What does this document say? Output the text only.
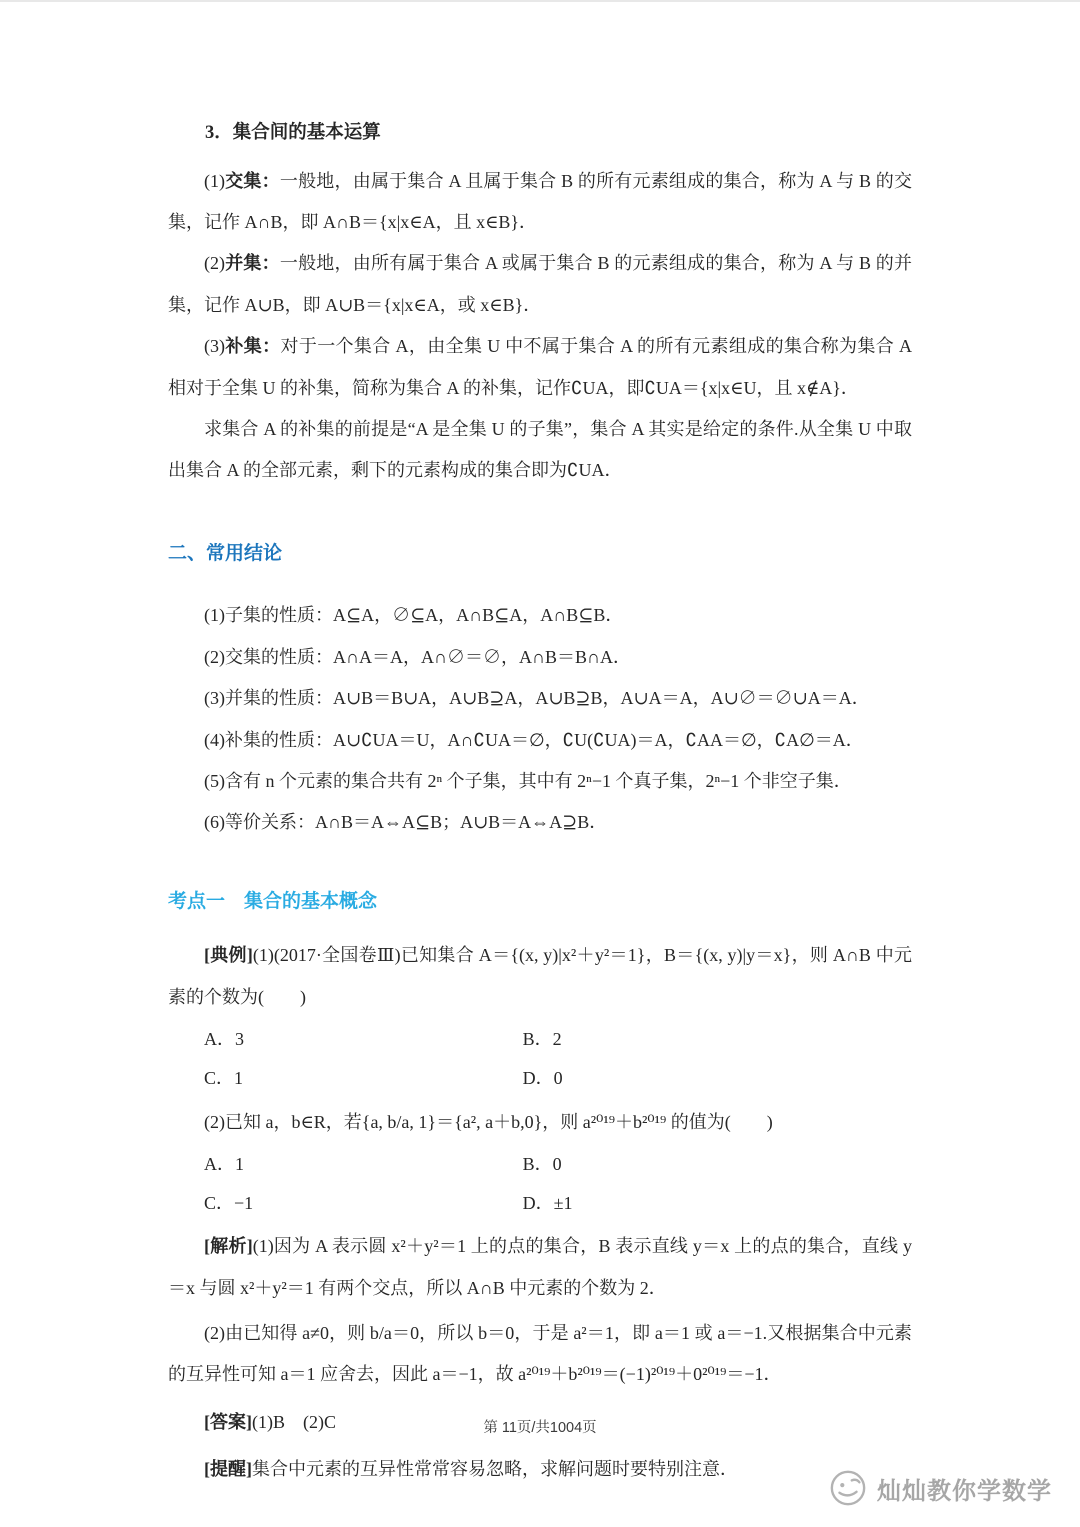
3．集合间的基本运算

(1)交集：一般地，由属于集合 A 且属于集合 B 的所有元素组成的集合，称为 A 与 B 的交集，记作 A∩B，即 A∩B＝{x|x∈A，且 x∈B}．

(2)并集：一般地，由所有属于集合 A 或属于集合 B 的元素组成的集合，称为 A 与 B 的并集，记作 A∪B，即 A∪B＝{x|x∈A，或 x∈B}．

(3)补集：对于一个集合 A，由全集 U 中不属于集合 A 的所有元素组成的集合称为集合 A 相对于全集 U 的补集，简称为集合 A 的补集，记作∁UA，即∁UA＝{x|x∈U，且 x∉A}．

求集合 A 的补集的前提是“A 是全集 U 的子集”，集合 A 其实是给定的条件.从全集 U 中取出集合 A 的全部元素，剩下的元素构成的集合即为∁UA．

二、常用结论

(1)子集的性质：A⊆A，∅⊆A，A∩B⊆A，A∩B⊆B．

(2)交集的性质：A∩A＝A，A∩∅＝∅，A∩B＝B∩A．

(3)并集的性质：A∪B＝B∪A，A∪B⊇A，A∪B⊇B，A∪A＝A，A∪∅＝∅∪A＝A．

(4)补集的性质：A∪∁UA＝U，A∩∁UA＝∅，∁U(∁UA)＝A，∁AA＝∅，∁A∅＝A．

(5)含有 n 个元素的集合共有 2ⁿ 个子集，其中有 2ⁿ−1 个真子集，2ⁿ−1 个非空子集．

(6)等价关系：A∩B＝A⇔A⊆B；A∪B＝A⇔A⊇B．

考点一　集合的基本概念

[典例](1)(2017·全国卷Ⅲ)已知集合 A＝{(x, y)|x²＋y²＝1}，B＝{(x, y)|y＝x}，则 A∩B 中元素的个数为(　　)

A．3	B．2
C．1	D．0

(2)已知 a，b∈R，若{a, b/a, 1}＝{a², a＋b,0}，则 a²⁰¹⁹＋b²⁰¹⁹ 的值为(　　)

A．1	B．0
C．−1	D．±1

[解析](1)因为 A 表示圆 x²＋y²＝1 上的点的集合，B 表示直线 y＝x 上的点的集合，直线 y＝x 与圆 x²＋y²＝1 有两个交点，所以 A∩B 中元素的个数为 2．

(2)由已知得 a≠0，则 b/a＝0，所以 b＝0，于是 a²＝1，即 a＝1 或 a＝−1.又根据集合中元素的互异性可知 a＝1 应舍去，因此 a＝−1，故 a²⁰¹⁹＋b²⁰¹⁹＝(−1)²⁰¹⁹＋0²⁰¹⁹＝−1．

[答案](1)B　(2)C

[提醒]集合中元素的互异性常常容易忽略，求解问题时要特别注意．

第 11页/共1004页
灿灿教你学数学
